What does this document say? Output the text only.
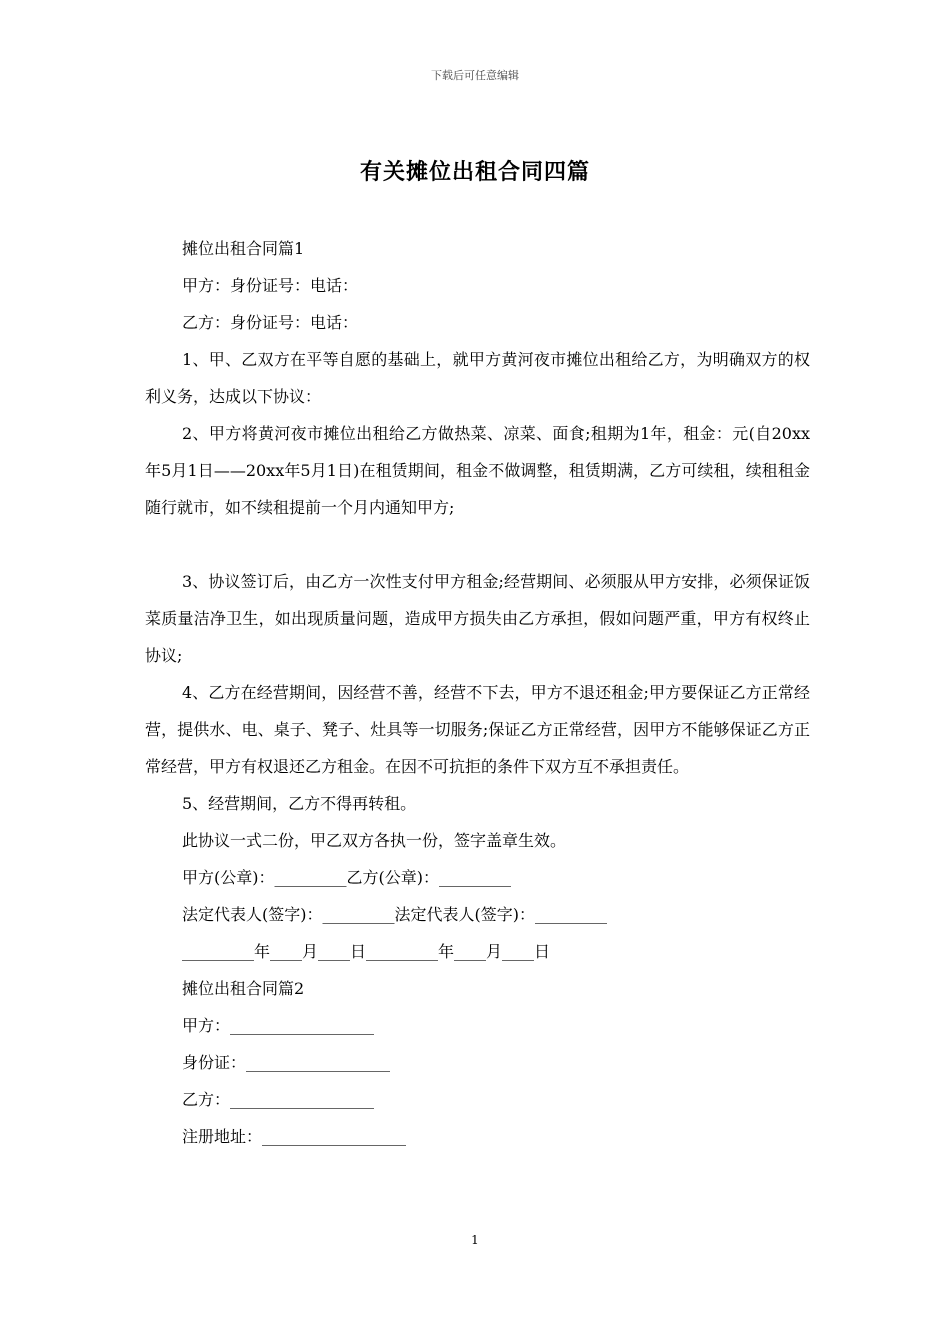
下载后可任意编辑
有关摊位出租合同四篇

摊位出租合同篇1

甲方：身份证号：电话：

乙方：身份证号：电话：

1、甲、乙双方在平等自愿的基础上，就甲方黄河夜市摊位出租给乙方，为明确双方的权利义务，达成以下协议：

2、甲方将黄河夜市摊位出租给乙方做热菜、凉菜、面食;租期为1年，租金：元(自20xx年5月1日——20xx年5月1日)在租赁期间，租金不做调整，租赁期满，乙方可续租，续租租金随行就市，如不续租提前一个月内通知甲方;

3、协议签订后，由乙方一次性支付甲方租金;经营期间、必须服从甲方安排，必须保证饭菜质量洁净卫生，如出现质量问题，造成甲方损失由乙方承担，假如问题严重，甲方有权终止协议;

4、乙方在经营期间，因经营不善，经营不下去，甲方不退还租金;甲方要保证乙方正常经营，提供水、电、桌子、凳子、灶具等一切服务;保证乙方正常经营，因甲方不能够保证乙方正常经营，甲方有权退还乙方租金。在因不可抗拒的条件下双方互不承担责任。

5、经营期间，乙方不得再转租。

此协议一式二份，甲乙双方各执一份，签字盖章生效。

甲方(公章)：_________乙方(公章)：_________

法定代表人(签字)：_________法定代表人(签字)：_________

_________年____月____日_________年____月____日

摊位出租合同篇2

甲方：__________________

身份证：__________________

乙方：__________________

注册地址：__________________

1
